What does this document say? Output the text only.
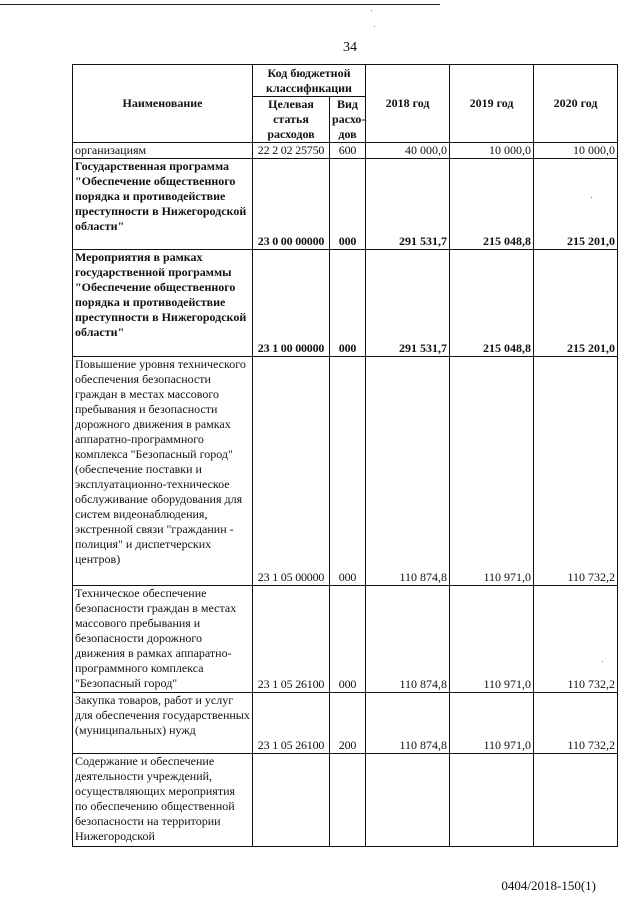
34
Наименование	Код бюджетной классификации		2018 год	2019 год	2020 год
	Целевая статья расходов	Вид расхо-дов			
организациям	22 2 02 25750	600	40 000,0	10 000,0	10 000,0
Государственная программа "Обеспечение общественного порядка и противодействие преступности в Нижегородской области"	23 0 00 00000	000	291 531,7	215 048,8	215 201,0
Мероприятия в рамках государственной программы "Обеспечение общественного порядка и противодействие преступности в Нижегородской области"	23 1 00 00000	000	291 531,7	215 048,8	215 201,0
Повышение уровня технического обеспечения безопасности граждан в местах массового пребывания и безопасности дорожного движения в рамках аппаратно-программного комплекса "Безопасный город" (обеспечение поставки и эксплуатационно-техническое обслуживание оборудования для систем видеонаблюдения, экстренной связи "гражданин - полиция" и диспетчерских центров)	23 1 05 00000	000	110 874,8	110 971,0	110 732,2
Техническое обеспечение безопасности граждан в местах массового пребывания и безопасности дорожного движения в рамках аппаратно-программного комплекса "Безопасный город"	23 1 05 26100	000	110 874,8	110 971,0	110 732,2
Закупка товаров, работ и услуг для обеспечения государственных (муниципальных) нужд	23 1 05 26100	200	110 874,8	110 971,0	110 732,2
Содержание и обеспечение деятельности учреждений, осуществляющих мероприятия по обеспечению общественной безопасности на территории Нижегородской					
0404/2018-150(1)
